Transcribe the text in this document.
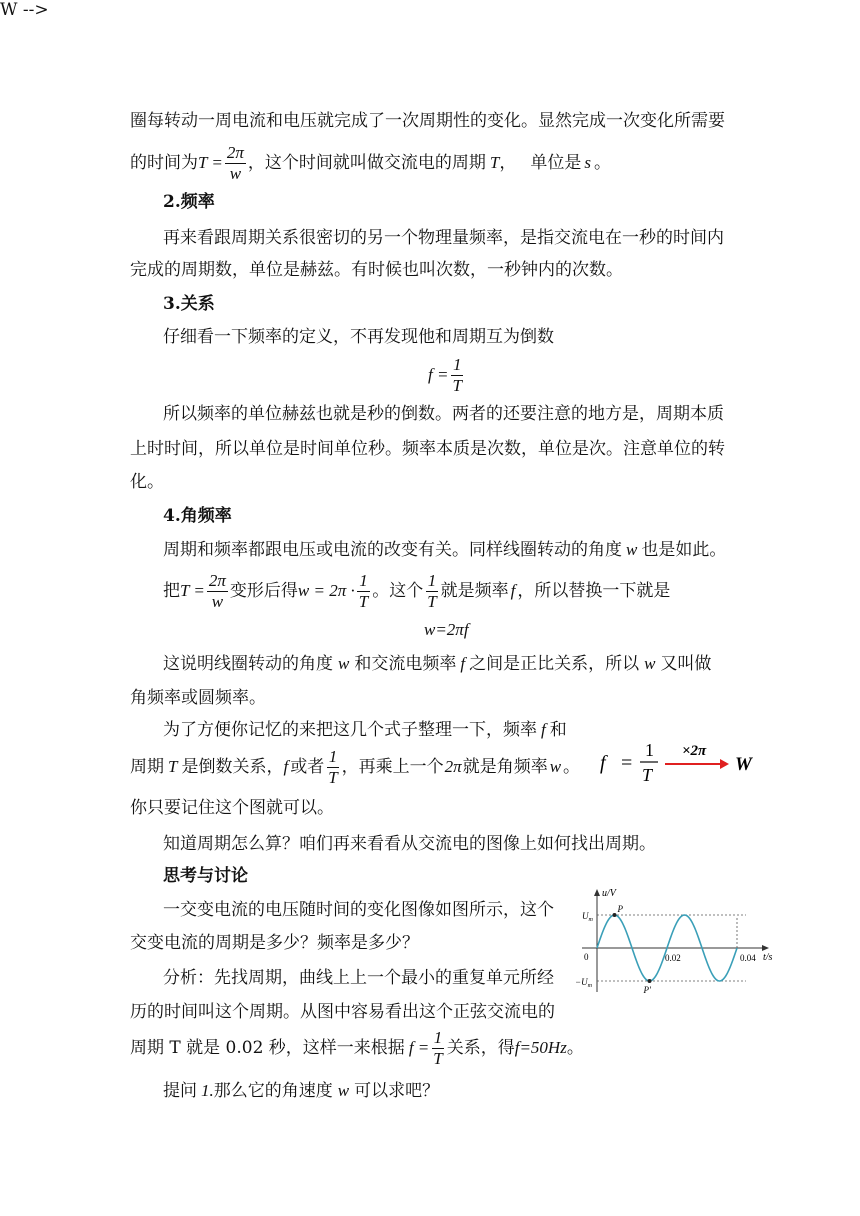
圈每转动一周电流和电压就完成了一次周期性的变化。显然完成一次变化所需要
的时间为 $T = \frac{2\pi}{w}$ ，这个时间就叫做交流电的周期 T ， 单位是 s 。
2.频率
再来看跟周期关系很密切的另一个物理量频率，是指交流电在一秒的时间内
完成的周期数，单位是赫兹。有时候也叫次数，一秒钟内的次数。
3.关系
仔细看一下频率的定义，不再发现他和周期互为倒数
$f = \frac{1}{T}$
所以频率的单位赫兹也就是秒的倒数。两者的还要注意的地方是，周期本质
上时时间，所以单位是时间单位秒。频率本质是次数，单位是次。注意单位的转
化。
4.角频率
周期和频率都跟电压或电流的改变有关。同样线圈转动的角度 w 也是如此。
把 $T = \frac{2\pi}{w}$ 变形后得 $w = 2\pi \cdot \frac{1}{T}$ 。这个 $\frac{1}{T}$ 就是频率 f ，所以替换一下就是
w=2πf
这说明线圈转动的角度 w 和交流电频率 f 之间是正比关系，所以 w 又叫做
角频率或圆频率。
为了方便你记忆的来把这几个式子整理一下，频率 f 和
周期 T 是倒数关系， f 或者 $\frac{1}{T}$ ，再乘上一个 2π 就是角频率 w 。
W -->
f =
1
T
×2π
W
你只要记住这个图就可以。
知道周期怎么算？咱们再来看看从交流电的图像上如何找出周期。
思考与讨论
一交变电流的电压随时间的变化图像如图所示，这个
交变电流的周期是多少？频率是多少？
分析：先找周期，曲线上上一个最小的重复单元所经
历的时间叫这个周期。从图中容易看出这个正弦交流电的
周期 T 就是 0.02 秒，这样一来根据 $f = \frac{1}{T}$ 关系，得 f=50Hz 。
提问 1.那么它的角速度 w 可以求吧？
u/V
t/s
0	0.02	0.04
$U_m$
$-U_m$
P
P'
